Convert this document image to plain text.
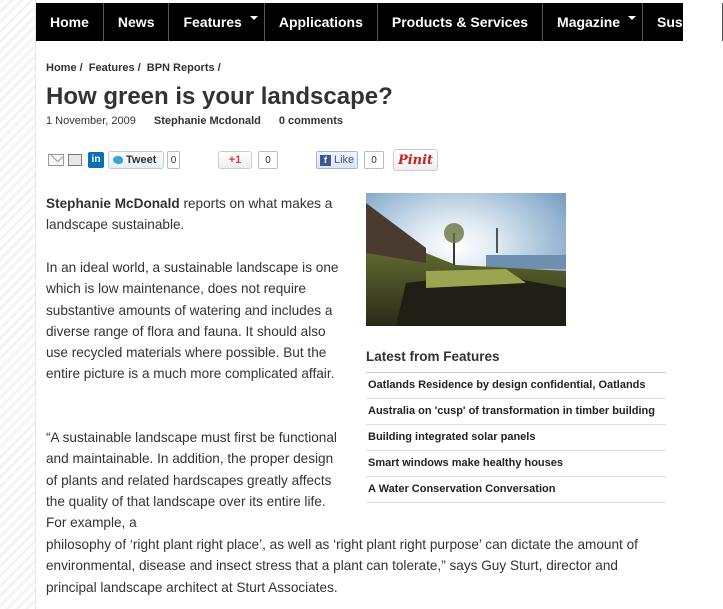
Home News Features	Applications Products & Services Magazine	Sustain
Home / Features / BPN Reports /
How green is your landscape?
1 November, 2009 Stephanie Mcdonald 0 comments
in	Tweet	0	+1	0	f Like	0	Pinit

Stephanie McDonald reports on what makes a landscape sustainable.

In an ideal world, a sustainable landscape is one which is low maintenance, does not require substantive amounts of watering and includes a diverse range of flora and fauna. It should also use recycled materials where possible. But the entire picture is a much more complicated affair.

“A sustainable landscape must first be functional and maintainable. In addition, the proper design of plants and related hardscapes greatly affects the quality of that landscape over its entire life. For example, a

philosophy of ‘right plant right place’, as well as ‘right plant right purpose’ can dictate the amount of environmental, disease and insect stress that a plant can tolerate,” says Guy Sturt, director and principal landscape architect at Sturt Associates.

Latest from Features
Oatlands Residence by design confidential, Oatlands
Australia on 'cusp' of transformation in timber building
Building integrated solar panels
Smart windows make healthy houses
A Water Conservation Conversation
